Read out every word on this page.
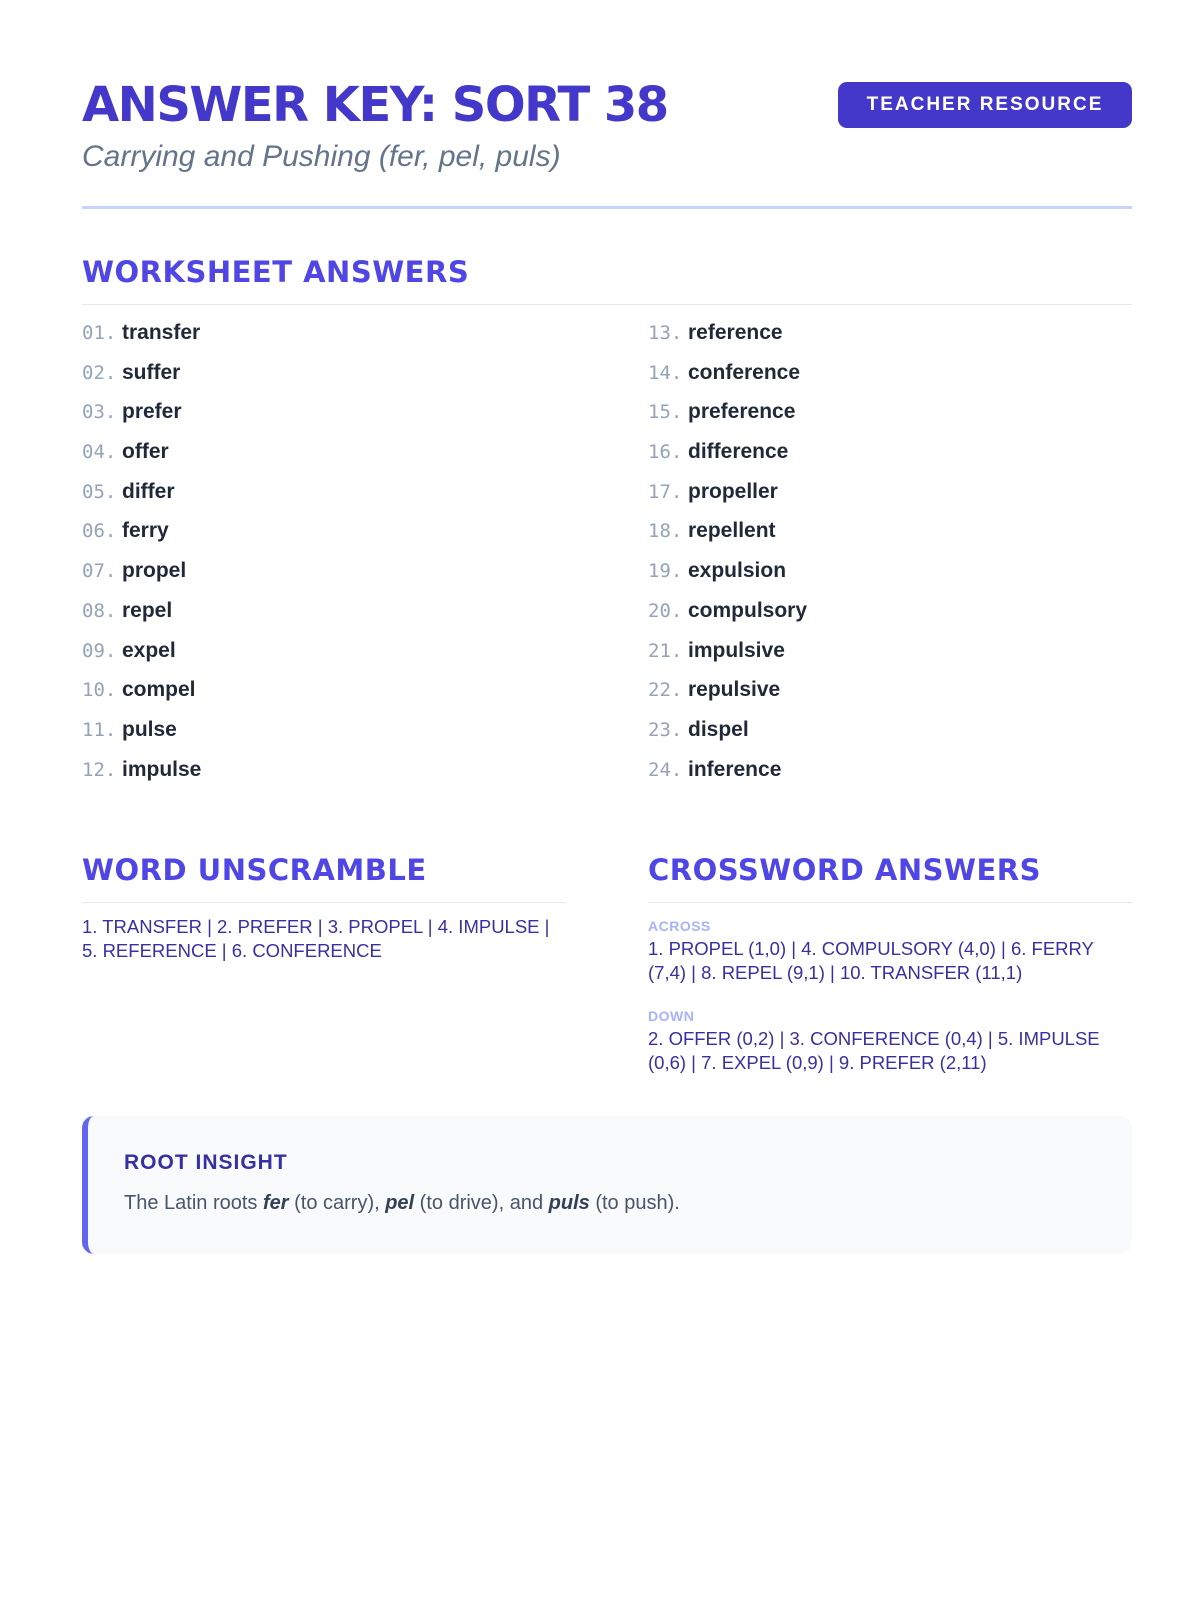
ANSWER KEY: SORT 38

Carrying and Pushing (fer, pel, puls)

TEACHER RESOURCE
WORKSHEET ANSWERS
01. transfer
02. suffer
03. prefer
04. offer
05. differ
06. ferry
07. propel
08. repel
09. expel
10. compel
11. pulse
12. impulse
13. reference
14. conference
15. preference
16. difference
17. propeller
18. repellent
19. expulsion
20. compulsory
21. impulsive
22. repulsive
23. dispel
24. inference
WORD UNSCRAMBLE

1. TRANSFER | 2. PREFER | 3. PROPEL | 4. IMPULSE | 5. REFERENCE | 6. CONFERENCE

CROSSWORD ANSWERS
ACROSS

1. PROPEL (1,0) | 4. COMPULSORY (4,0) | 6. FERRY (7,4) | 8. REPEL (9,1) | 10. TRANSFER (11,1)

DOWN

2. OFFER (0,2) | 3. CONFERENCE (0,4) | 5. IMPULSE (0,6) | 7. EXPEL (0,9) | 9. PREFER (2,11)

ROOT INSIGHT

The Latin roots fer (to carry), pel (to drive), and puls (to push).
